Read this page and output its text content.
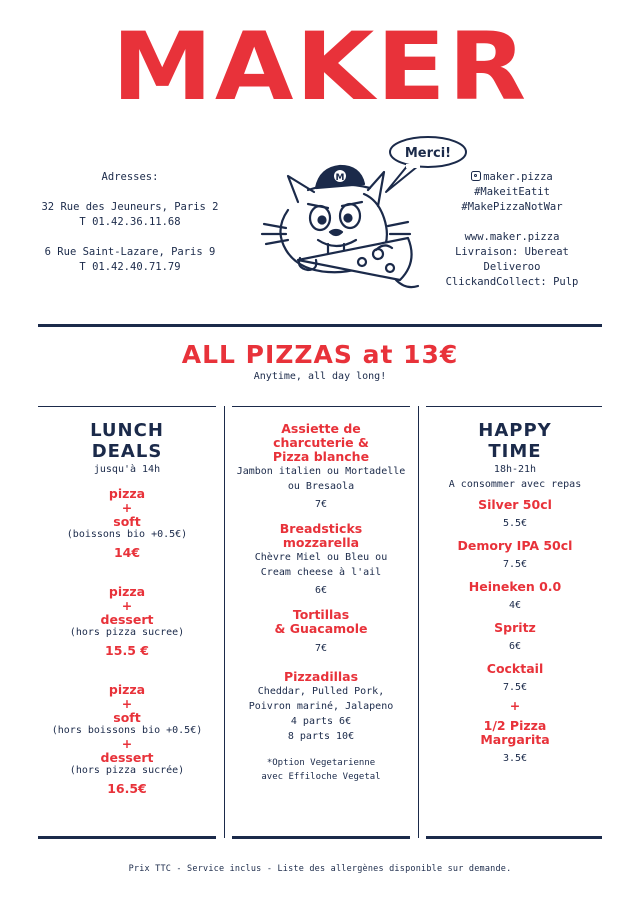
MAKER
Adresses:
32 Rue des Jeuneurs, Paris 2
T 01.42.36.11.68
6 Rue Saint-Lazare, Paris 9
T 01.42.40.71.79
Merci!
M	maker.pizza
#MakeitEatit
#MakePizzaNotWar
www.maker.pizza
Livraison: Ubereat
Deliveroo
ClickandCollect: Pulp
ALL PIZZAS at 13€
Anytime, all day long!
LUNCH
DEALS
jusqu'à 14h
pizza
+
soft
(boissons bio +0.5€)
14€
pizza
+
dessert
(hors pizza sucree)
15.5 €
pizza
+
soft
(hors boissons bio +0.5€)
+
dessert
(hors pizza sucrée)
16.5€
Assiette de
charcuterie &
Pizza blanche
Jambon italien ou Mortadelle
ou Bresaola
7€
Breadsticks
mozzarella
Chèvre Miel ou Bleu ou
Cream cheese à l'ail
6€
Tortillas
& Guacamole
7€
Pizzadillas
Cheddar, Pulled Pork,
Poivron mariné, Jalapeno
4 parts 6€
8 parts 10€
*Option Vegetarienne
avec Effiloche Vegetal
HAPPY
TIME
18h-21h
A consommer avec repas
Silver 50cl
5.5€
Demory IPA 50cl
7.5€
Heineken 0.0
4€
Spritz
6€
Cocktail
7.5€
+
1/2 Pizza
Margarita
3.5€
Prix TTC - Service inclus - Liste des allergènes disponible sur demande.
